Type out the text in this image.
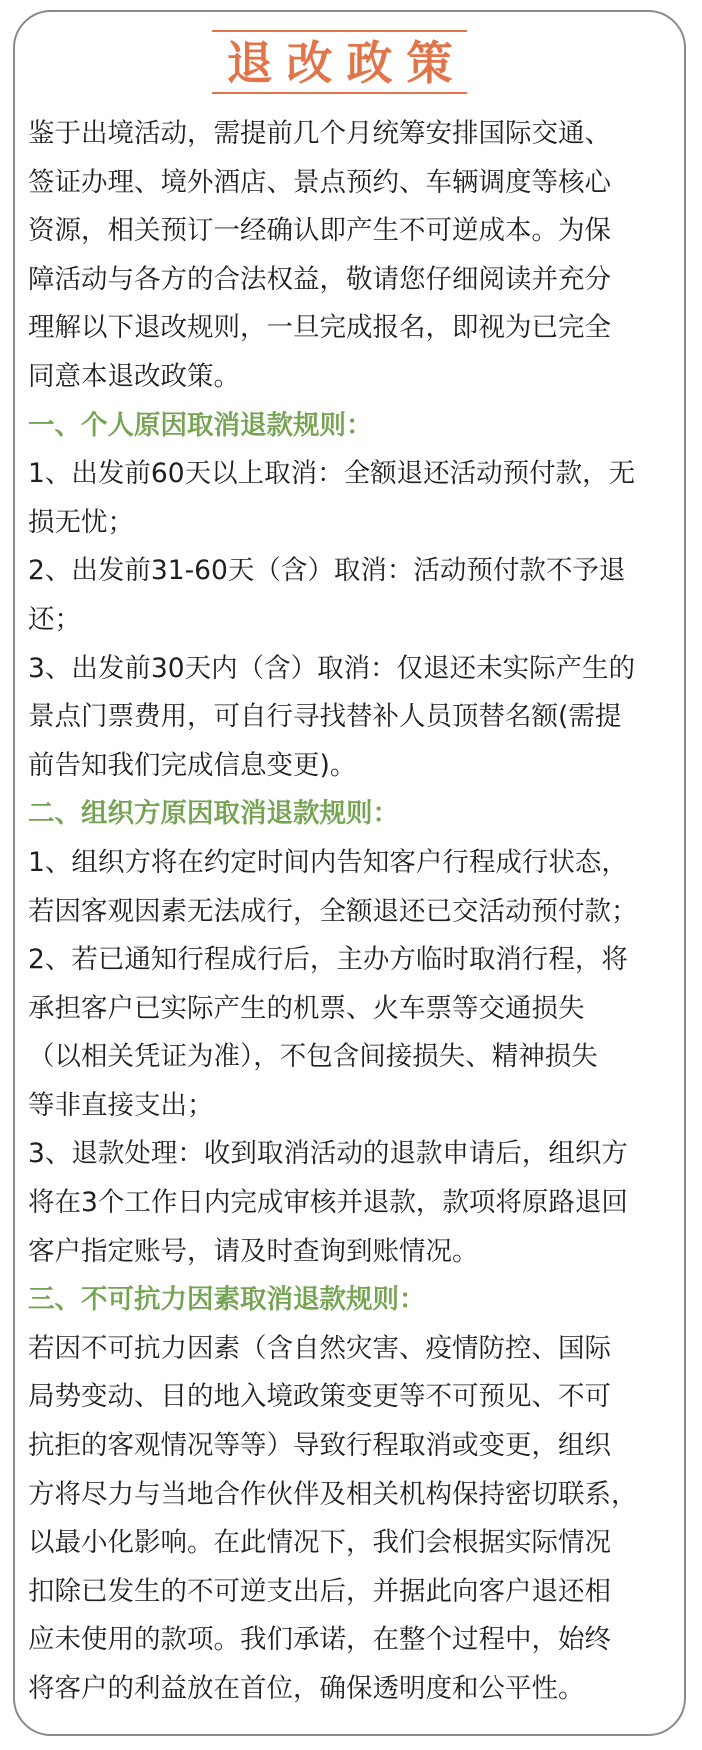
退改政策
鉴于出境活动，需提前几个月统筹安排国际交通、
签证办理、境外酒店、景点预约、车辆调度等核心
资源，相关预订一经确认即产生不可逆成本。为保
障活动与各方的合法权益，敬请您仔细阅读并充分
理解以下退改规则，一旦完成报名，即视为已完全
同意本退改政策。
一、个人原因取消退款规则：
1、出发前60天以上取消：全额退还活动预付款，无
损无忧；
2、出发前31-60天（含）取消：活动预付款不予退
还；
3、出发前30天内（含）取消：仅退还未实际产生的
景点门票费用，可自行寻找替补人员顶替名额(需提
前告知我们完成信息变更)。
二、组织方原因取消退款规则：
1、组织方将在约定时间内告知客户行程成行状态，
若因客观因素无法成行，全额退还已交活动预付款；
2、若已通知行程成行后，主办方临时取消行程，将
承担客户已实际产生的机票、火车票等交通损失
（以相关凭证为准），不包含间接损失、精神损失
等非直接支出；
3、退款处理：收到取消活动的退款申请后，组织方
将在3个工作日内完成审核并退款，款项将原路退回
客户指定账号，请及时查询到账情况。
三、不可抗力因素取消退款规则：
若因不可抗力因素（含自然灾害、疫情防控、国际
局势变动、目的地入境政策变更等不可预见、不可
抗拒的客观情况等等）导致行程取消或变更，组织
方将尽力与当地合作伙伴及相关机构保持密切联系，
以最小化影响。在此情况下，我们会根据实际情况
扣除已发生的不可逆支出后，并据此向客户退还相
应未使用的款项。我们承诺，在整个过程中，始终
将客户的利益放在首位，确保透明度和公平性。
